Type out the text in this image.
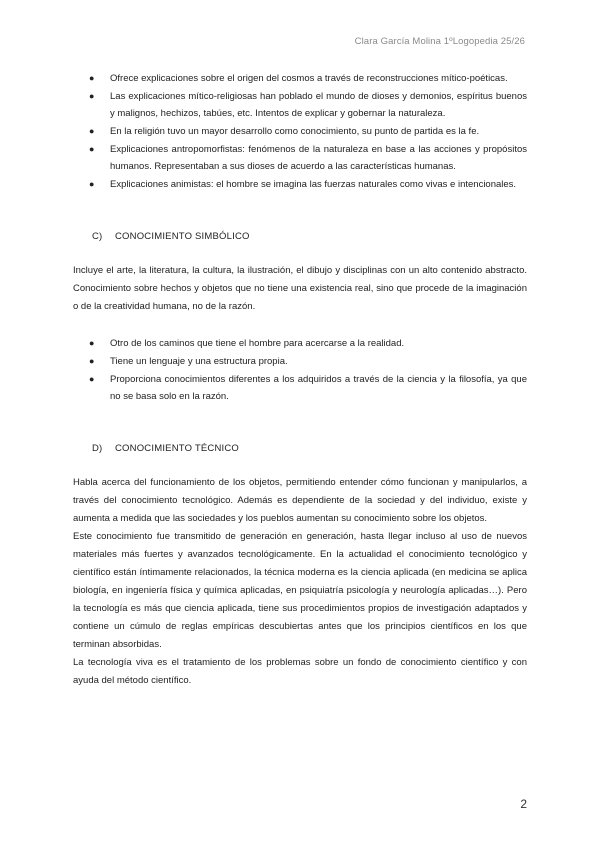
Clara García Molina 1ºLogopedia 25/26
● Ofrece explicaciones sobre el origen del cosmos a través de reconstrucciones mítico-poéticas.
● Las explicaciones mítico-religiosas han poblado el mundo de dioses y demonios, espíritus buenos y malignos, hechizos, tabúes, etc. Intentos de explicar y gobernar la naturaleza.
● En la religión tuvo un mayor desarrollo como conocimiento, su punto de partida es la fe.
● Explicaciones antropomorfistas: fenómenos de la naturaleza en base a las acciones y propósitos humanos. Representaban a sus dioses de acuerdo a las características humanas.
● Explicaciones animistas: el hombre se imagina las fuerzas naturales como vivas e intencionales.
C) CONOCIMIENTO SIMBÓLICO

Incluye el arte, la literatura, la cultura, la ilustración, el dibujo y disciplinas con un alto contenido abstracto. Conocimiento sobre hechos y objetos que no tiene una existencia real, sino que procede de la imaginación o de la creatividad humana, no de la razón.

● Otro de los caminos que tiene el hombre para acercarse a la realidad.
● Tiene un lenguaje y una estructura propia.
● Proporciona conocimientos diferentes a los adquiridos a través de la ciencia y la filosofía, ya que no se basa solo en la razón.
D) CONOCIMIENTO TÉCNICO

Habla acerca del funcionamiento de los objetos, permitiendo entender cómo funcionan y manipularlos, a través del conocimiento tecnológico. Además es dependiente de la sociedad y del individuo, existe y aumenta a medida que las sociedades y los pueblos aumentan su conocimiento sobre los objetos.

Este conocimiento fue transmitido de generación en generación, hasta llegar incluso al uso de nuevos materiales más fuertes y avanzados tecnológicamente. En la actualidad el conocimiento tecnológico y científico están íntimamente relacionados, la técnica moderna es la ciencia aplicada (en medicina se aplica biología, en ingeniería física y química aplicadas, en psiquiatría psicología y neurología aplicadas…). Pero la tecnología es más que ciencia aplicada, tiene sus procedimientos propios de investigación adaptados y contiene un cúmulo de reglas empíricas descubiertas antes que los principios científicos en los que terminan absorbidas.

La tecnología viva es el tratamiento de los problemas sobre un fondo de conocimiento científico y con ayuda del método científico.

2
